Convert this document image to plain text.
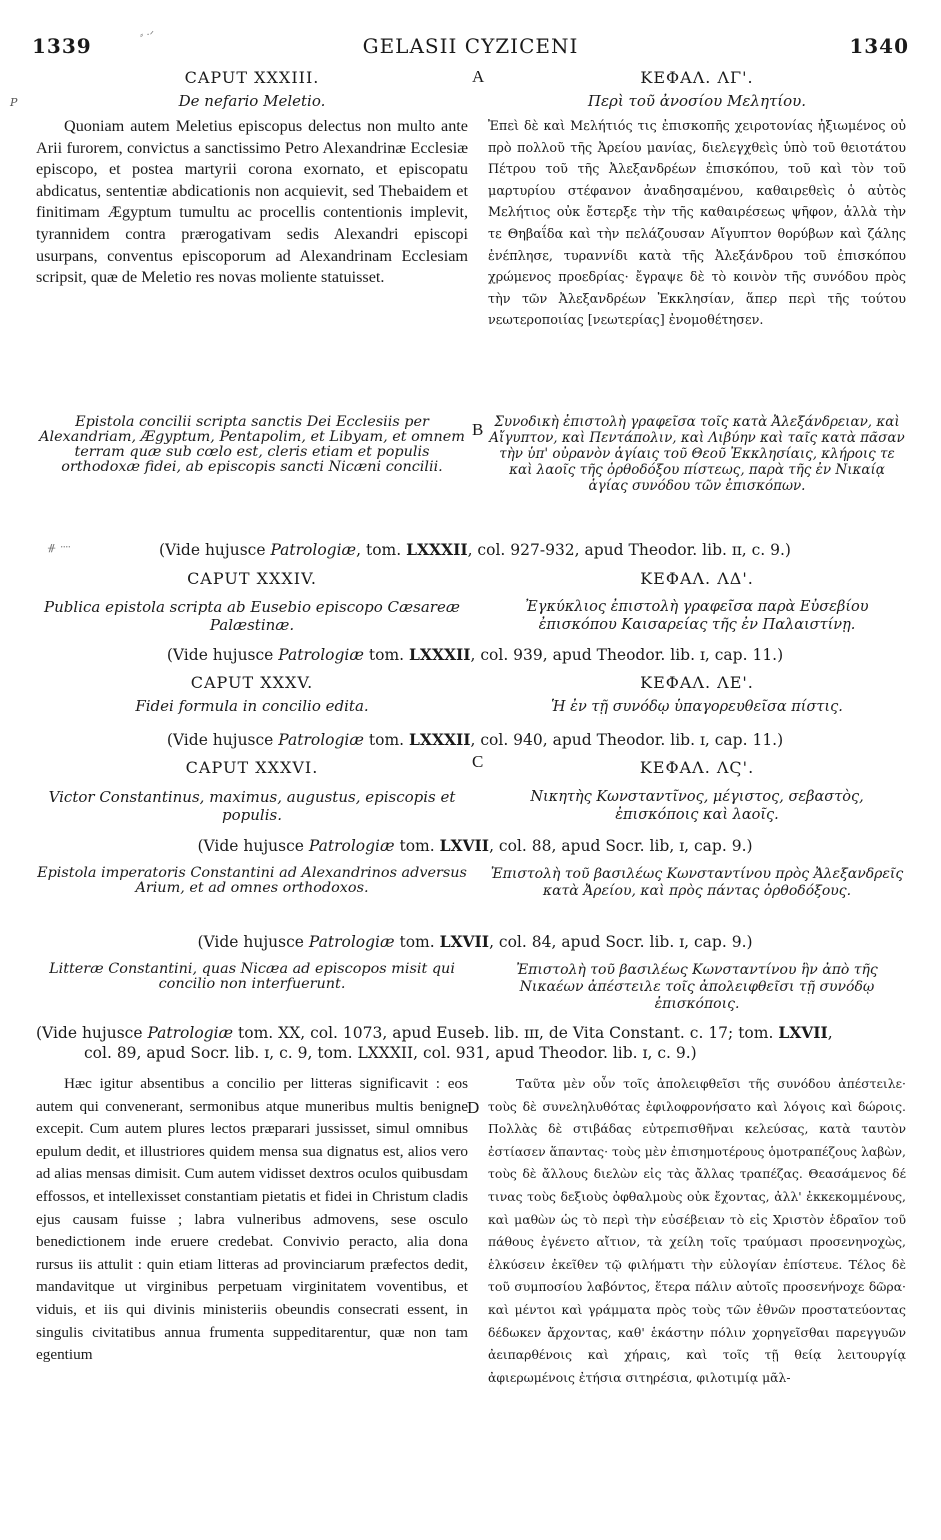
1339	GELASII CYZICENI	1340
⸗ ·ᐟ
CAPUT XXXIII.	A	ΚΕΦΑΛ. ΛΓ'.
P	De nefario Meletio.	Περὶ τοῦ ἀνοσίου Μελητίου.
Quoniam autem Meletius episcopus delectus non multo ante Arii furorem, convictus a sanctissimo Petro Alexandrinæ Ecclesiæ episcopo, et postea martyrii corona exornato, et episcopatu abdicatus, sententiæ abdicationis non acquievit, sed Thebaidem et finitimam Ægyptum tumultu ac procellis contentionis implevit, tyrannidem contra prærogativam sedis Alexandri episcopi usurpans, conventus episcoporum ad Alexandrinam Ecclesiam scripsit, quæ de Meletio res novas moliente statuisset.
Ἐπεὶ δὲ καὶ Μελήτιός τις ἐπισκοπῆς χειροτονίας ἠξιωμένος οὐ πρὸ πολλοῦ τῆς Ἀρείου μανίας, διελεγχθεὶς ὑπὸ τοῦ θειοτάτου Πέτρου τοῦ τῆς Ἀλεξανδρέων ἐπισκόπου, τοῦ καὶ τὸν τοῦ μαρτυρίου στέφανον ἀναδησαμένου, καθαιρεθεὶς ὁ αὐτὸς Μελήτιος οὐκ ἔστερξε τὴν τῆς καθαιρέσεως ψῆφον, ἀλλὰ τὴν τε Θηβαΐδα καὶ τὴν πελάζουσαν Αἴγυπτον θορύβων καὶ ζάλης ἐνέπλησε, τυραννίδι κατὰ τῆς Ἀλεξάνδρου τοῦ ἐπισκόπου χρώμενος προεδρίας· ἔγραψε δὲ τὸ κοινὸν τῆς συνόδου πρὸς τὴν τῶν Ἀλεξανδρέων Ἐκκλησίαν, ἅπερ περὶ τῆς τούτου νεωτεροποιίας [νεωτερίας] ἐνομοθέτησεν.
Epistola concilii scripta sanctis Dei Ecclesiis per Alexandriam, Ægyptum, Pentapolim, et Libyam, et omnem terram quæ sub cœlo est, cleris etiam et populis orthodoxæ fidei, ab episcopis sancti Nicæni concilii.
B Συνοδικὴ ἐπιστολὴ γραφεῖσα τοῖς κατὰ Ἀλεξάνδρειαν, καὶ Αἴγυπτον, καὶ Πεντάπολιν, καὶ Λιβύην καὶ ταῖς κατὰ πᾶσαν τὴν ὑπ' οὐρανὸν ἁγίαις τοῦ Θεοῦ Ἐκκλησίαις, κλήροις τε καὶ λαοῖς τῆς ὀρθοδόξου πίστεως, παρὰ τῆς ἐν Νικαίᾳ ἁγίας συνόδου τῶν ἐπισκόπων.
(Vide hujusce Patrologiæ, tom. LXXXII, col. 927-932, apud Theodor. lib. ɪɪ, c. 9.)
ᚌ ᠁
CAPUT XXXIV.	ΚΕΦΑΛ. ΛΔ'.
Publica epistola scripta ab Eusebio episcopo Cæsareæ Palæstinæ.
Ἐγκύκλιος ἐπιστολὴ γραφεῖσα παρὰ Εὐσεβίου ἐπισκόπου Καισαρείας τῆς ἐν Παλαιστίνῃ.
(Vide hujusce Patrologiæ tom. LXXXII, col. 939, apud Theodor. lib. ɪ, cap. 11.)
CAPUT XXXV.	ΚΕΦΑΛ. ΛΕ'.
Fidei formula in concilio edita.	Ἡ ἐν τῇ συνόδῳ ὑπαγορευθεῖσα πίστις.
(Vide hujusce Patrologiæ tom. LXXXII, col. 940, apud Theodor. lib. ɪ, cap. 11.)
CAPUT XXXVI.	C	ΚΕΦΑΛ. ΛϚ'.
Victor Constantinus, maximus, augustus, episcopis et populis.
Νικητὴς Κωνσταντῖνος, μέγιστος, σεβαστὸς, ἐπισκόποις καὶ λαοῖς.
(Vide hujusce Patrologiæ tom. LXVII, col. 88, apud Socr. lib, ɪ, cap. 9.)
Epistola imperatoris Constantini ad Alexandrinos adversus Arium, et ad omnes orthodoxos.
Ἐπιστολὴ τοῦ βασιλέως Κωνσταντίνου πρὸς Ἀλεξανδρεῖς κατὰ Ἀρείου, καὶ πρὸς πάντας ὀρθοδόξους.
(Vide hujusce Patrologiæ tom. LXVII, col. 84, apud Socr. lib. ɪ, cap. 9.)
Litteræ Constantini, quas Nicæa ad episcopos misit qui concilio non interfuerunt.
Ἐπιστολὴ τοῦ βασιλέως Κωνσταντίνου ἣν ἀπὸ τῆς Νικαέων ἀπέστειλε τοῖς ἀπολειφθεῖσι τῇ συνόδῳ ἐπισκόποις.
(Vide hujusce Patrologiæ tom. XX, col. 1073, apud Euseb. lib. ɪɪɪ, de Vita Constant. c. 17; tom. LXVII,
col. 89, apud Socr. lib. ɪ, c. 9, tom. LXXXII, col. 931, apud Theodor. lib. ɪ, c. 9.)
Hæc igitur absentibus a concilio per litteras significavit : eos autem qui convenerant, sermonibus atque muneribus multis benigne excepit. Cum autem plures lectos præparari jussisset, simul omnibus epulum dedit, et illustriores quidem mensa sua dignatus est, alios vero ad alias mensas dimisit. Cum autem vidisset dextros oculos quibusdam effossos, et intellexisset constantiam pietatis et fidei in Christum cladis ejus causam fuisse ; labra vulneribus admovens, sese osculo benedictionem inde eruere credebat. Convivio peracto, alia dona rursus iis attulit : quin etiam litteras ad provinciarum præfectos dedit, mandavitque ut virginibus perpetuam virginitatem voventibus, et viduis, et iis qui divinis ministeriis obeundis consecrati essent, in singulis civitatibus annua frumenta suppeditarentur, quæ non tam egentium
D
Ταῦτα μὲν οὖν τοῖς ἀπολειφθεῖσι τῆς συνόδου ἀπέστειλε· τοὺς δὲ συνεληλυθότας ἐφιλοφρονήσατο καὶ λόγοις καὶ δώροις. Πολλὰς δὲ στιβάδας εὐτρεπισθῆναι κελεύσας, κατὰ ταυτὸν ἐστίασεν ἅπαντας· τοὺς μὲν ἐπισημοτέρους ὁμοτραπέζους λαβὼν, τοὺς δὲ ἄλλους διελὼν εἰς τὰς ἄλλας τραπέζας. Θεασάμενος δέ τινας τοὺς δεξιοὺς ὀφθαλμοὺς οὐκ ἔχοντας, ἀλλ' ἐκκεκομμένους, καὶ μαθὼν ὡς τὸ περὶ τὴν εὐσέβειαν τὸ εἰς Χριστὸν ἑδραῖον τοῦ πάθους ἐγένετο αἴτιον, τὰ χείλη τοῖς τραύμασι προσενηνοχὼς, ἑλκύσειν ἐκεῖθεν τῷ φιλήματι τὴν εὐλογίαν ἐπίστευε. Τέλος δὲ τοῦ συμποσίου λαβόντος, ἕτερα πάλιν αὐτοῖς προσενήνοχε δῶρα· καὶ μέντοι καὶ γράμματα πρὸς τοὺς τῶν ἐθνῶν προστατεύοντας δέδωκεν ἄρχοντας, καθ' ἑκάστην πόλιν χορηγεῖσθαι παρεγγυῶν ἀειπαρθένοις καὶ χήραις, καὶ τοῖς τῇ θείᾳ λειτουργίᾳ ἀφιερωμένοις ἐτήσια σιτηρέσια, φιλοτιμίᾳ μᾶλ-
